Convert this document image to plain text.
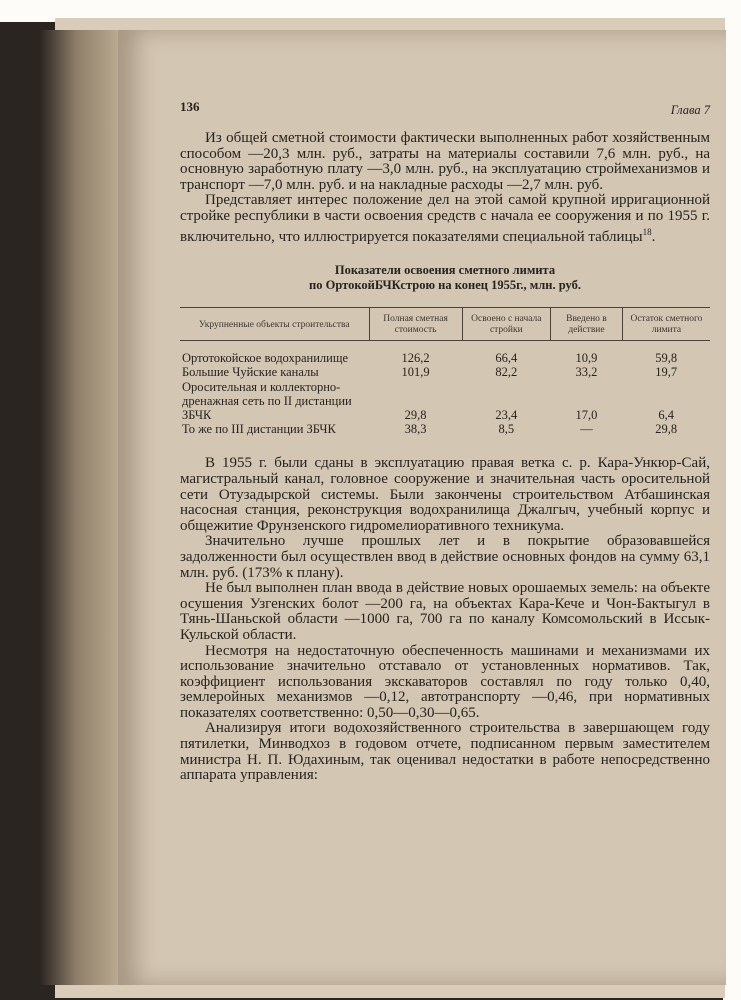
136	Глава 7

Из общей сметной стоимости фактически выполненных работ хозяйственным способом —20,3 млн. руб., затраты на материалы составили 7,6 млн. руб., на основную заработную плату —3,0 млн. руб., на эксплуатацию строймеханизмов и транспорт —7,0 млн. руб. и на накладные расходы —2,7 млн. руб.

Представляет интерес положение дел на этой самой крупной ирригационной стройке республики в части освоения средств с начала ее сооружения и по 1955 г. включительно, что иллюстрируется показателями специальной таблицы$^{18}$.

Показатели освоения сметного лимита
по ОртокойБЧКстрою на конец 1955г., млн. руб.
Укрупненные объекты строительства	Полная сметная стоимость	Освоено с начала стройки	Введено в действие	Остаток сметного лимита

Ортотокойское водохранилище	126,2	66,4	10,9	59,8
Большие Чуйские каналы	101,9	82,2	33,2	19,7
Оросительная и коллекторно-дренажная сеть по II дистанции ЗБЧК	29,8	23,4	17,0	6,4
То же по III дистанции ЗБЧК	38,3	8,5	—	29,8

В 1955 г. были сданы в эксплуатацию правая ветка с. р. Кара-Ункюр-Сай, магистральный канал, головное сооружение и значительная часть оросительной сети Отузадырской системы. Были закончены строительством Атбашинская насосная станция, реконструкция водохранилища Джалгыч, учебный корпус и общежитие Фрунзенского гидромелиоративного техникума.

Значительно лучше прошлых лет и в покрытие образовавшейся задолженности был осуществлен ввод в действие основных фондов на сумму 63,1 млн. руб. (173% к плану).

Не был выполнен план ввода в действие новых орошаемых земель: на объекте осушения Узгенских болот —200 га, на объектах Кара-Кече и Чон-Бактыгул в Тянь-Шаньской области —1000 га, 700 га по каналу Комсомольский в Иссык-Кульской области.

Несмотря на недостаточную обеспеченность машинами и механизмами их использование значительно отставало от установленных нормативов. Так, коэффициент использования экскаваторов составлял по году только 0,40, землеройных механизмов —0,12, автотранспорту —0,46, при нормативных показателях соответственно: 0,50—0,30—0,65.

Анализируя итоги водохозяйственного строительства в завершающем году пятилетки, Минводхоз в годовом отчете, подписанном первым заместителем министра Н. П. Юдахиным, так оценивал недостатки в работе непосредственно аппарата управления:
